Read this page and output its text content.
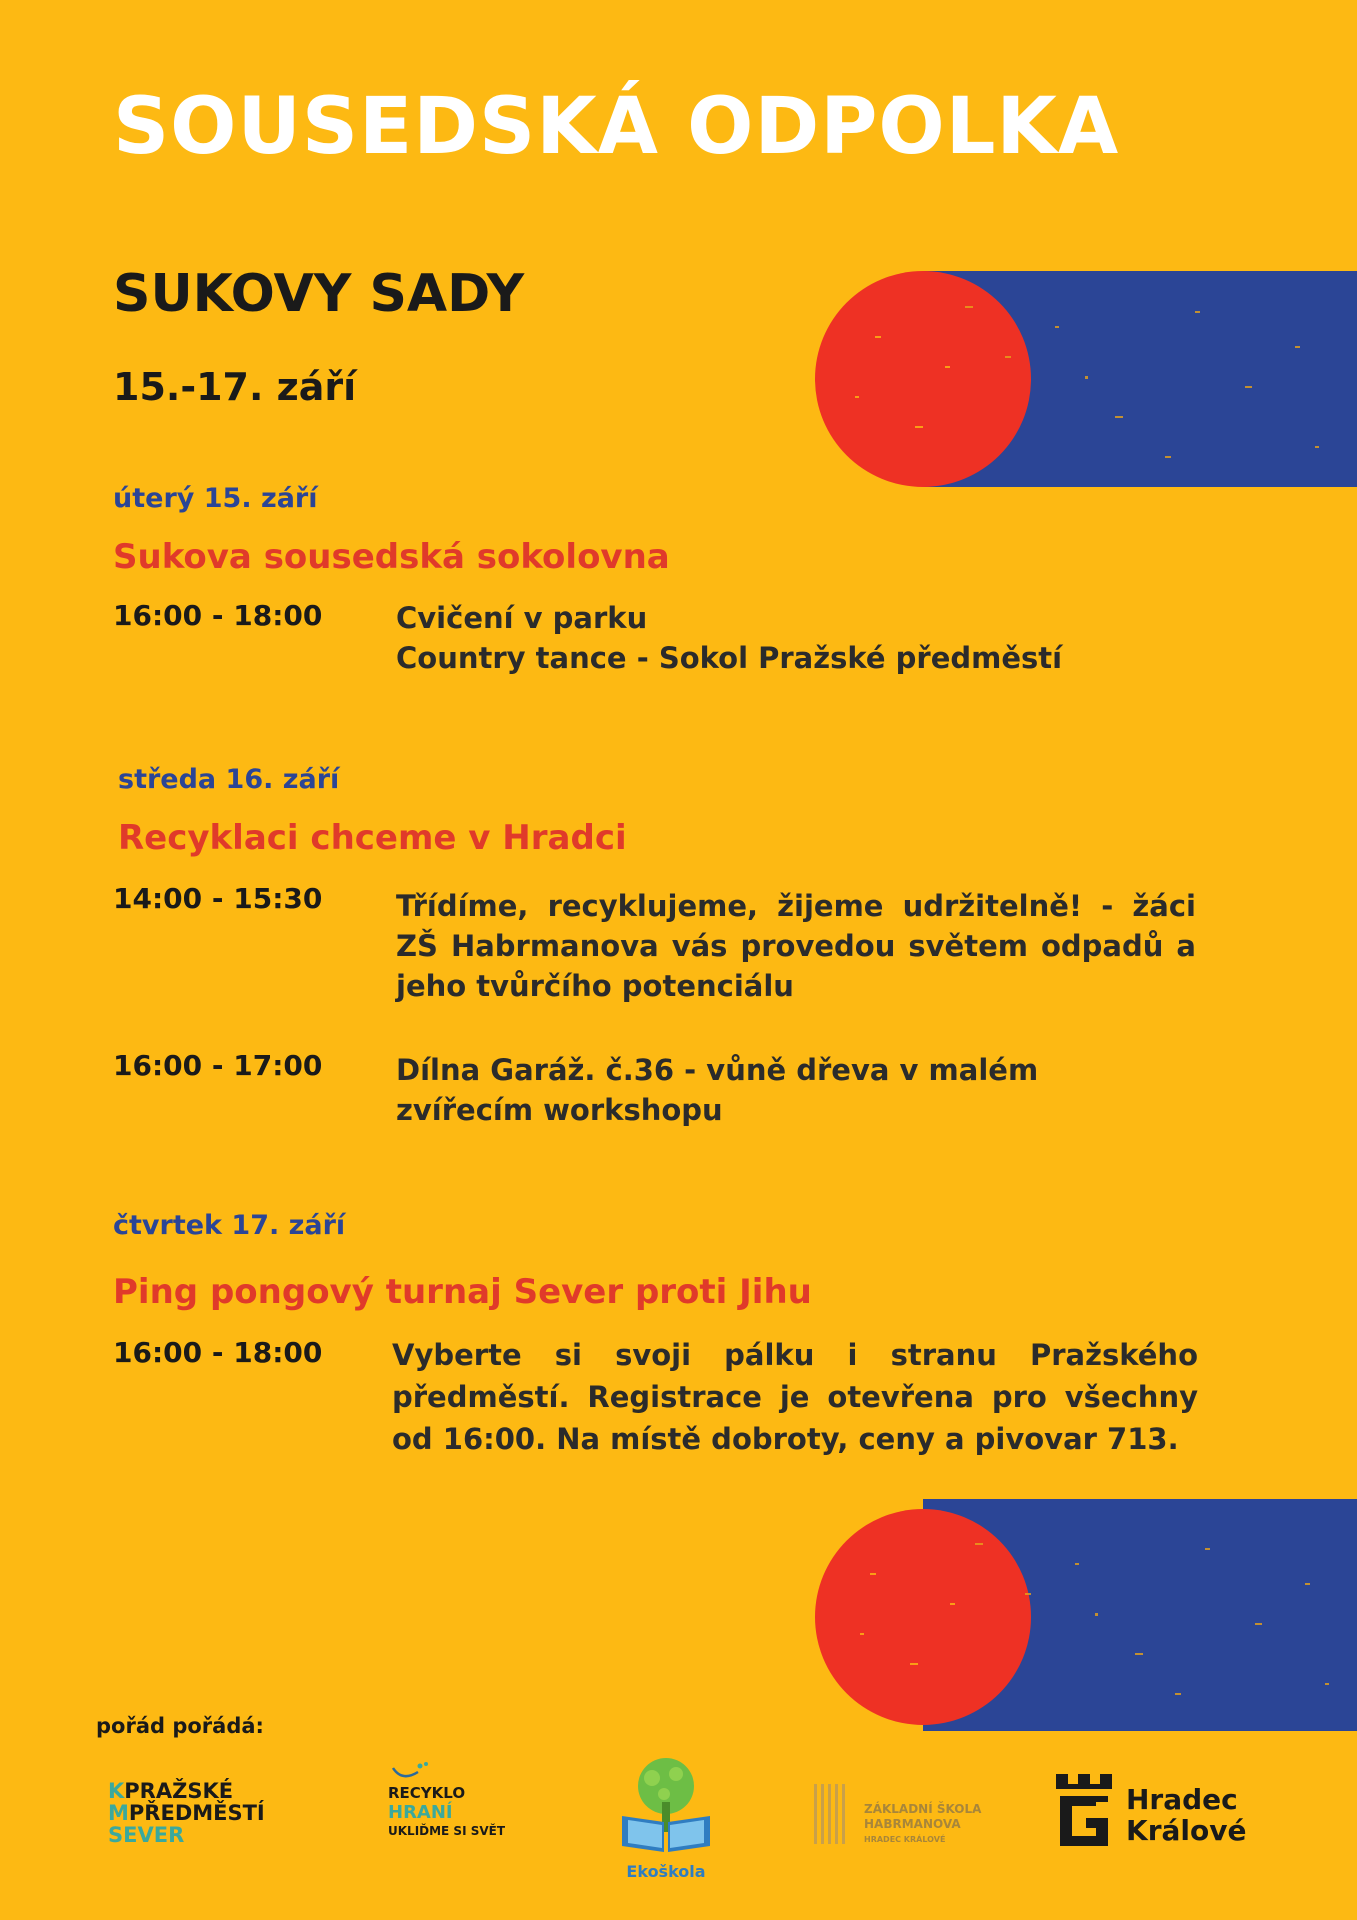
SOUSEDSKÁ ODPOLKA
SUKOVY SADY
15.-17. září
úterý 15. září
Sukova sousedská sokolovna
16:00 - 18:00	Cvičení v parku
Country tance - Sokol Pražské předměstí
středa 16. září
Recyklaci chceme v Hradci
14:00 - 15:30	Třídíme, recyklujeme, žijeme udržitelně! - žáci ZŠ Habrmanova vás provedou světem odpadů a jeho tvůrčího potenciálu
16:00 - 17:00	Dílna Garáž. č.36 - vůně dřeva v malém
zvířecím workshopu
čtvrtek 17. září
Ping pongový turnaj Sever proti Jihu
16:00 - 18:00 Vyberte si svoji pálku i stranu Pražského předměstí. Registrace je otevřena pro všechny od 16:00. Na místě dobroty, ceny a pivovar 713.
pořád pořádá:
KPRAŽSKÉ
MPŘEDMĚSTÍ
SEVER
RECYKLO
HRANÍ
UKLIĎME SI SVĚT
Ekoškola
ZÁKLADNÍ ŠKOLA
HABRMANOVA
HRADEC KRÁLOVÉ
Hradec
Králové
